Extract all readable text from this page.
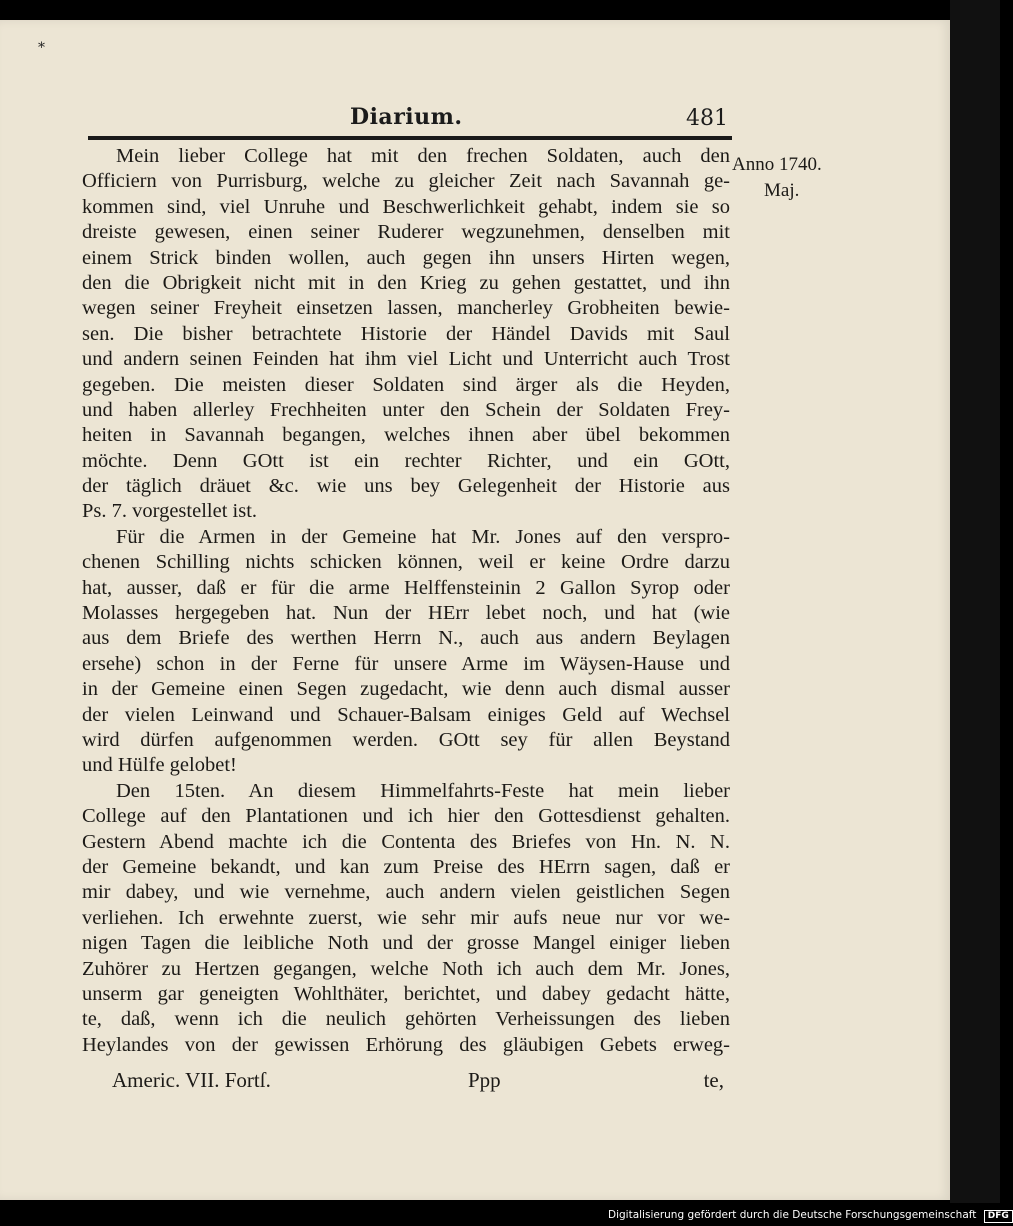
*
Diarium.	481
Anno 1740.
Maj.
Mein lieber College hat mit den frechen Soldaten, auch den
Officiern von Purrisburg, welche zu gleicher Zeit nach Savannah ge-
kommen sind, viel Unruhe und Beschwerlichkeit gehabt, indem sie so
dreiste gewesen, einen seiner Ruderer wegzunehmen, denselben mit
einem Strick binden wollen, auch gegen ihn unsers Hirten wegen,
den die Obrigkeit nicht mit in den Krieg zu gehen gestattet, und ihn
wegen seiner Freyheit einsetzen lassen, mancherley Grobheiten bewie-
sen. Die bisher betrachtete Historie der Händel Davids mit Saul
und andern seinen Feinden hat ihm viel Licht und Unterricht auch Trost
gegeben. Die meisten dieser Soldaten sind ärger als die Heyden,
und haben allerley Frechheiten unter den Schein der Soldaten Frey-
heiten in Savannah begangen, welches ihnen aber übel bekommen
möchte. Denn GOtt ist ein rechter Richter, und ein GOtt,
der täglich dräuet &c. wie uns bey Gelegenheit der Historie aus
Ps. 7. vorgestellet ist.
Für die Armen in der Gemeine hat Mr. Jones auf den verspro-
chenen Schilling nichts schicken können, weil er keine Ordre darzu
hat, ausser, daß er für die arme Helffensteinin 2 Gallon Syrop oder
Molasses hergegeben hat. Nun der HErr lebet noch, und hat (wie
aus dem Briefe des werthen Herrn N., auch aus andern Beylagen
ersehe) schon in der Ferne für unsere Arme im Wäysen-Hause und
in der Gemeine einen Segen zugedacht, wie denn auch dismal ausser
der vielen Leinwand und Schauer-Balsam einiges Geld auf Wechsel
wird dürfen aufgenommen werden. GOtt sey für allen Beystand
und Hülfe gelobet!
Den 15ten. An diesem Himmelfahrts-Feste hat mein lieber
College auf den Plantationen und ich hier den Gottesdienst gehalten.
Gestern Abend machte ich die Contenta des Briefes von Hn. N. N.
der Gemeine bekandt, und kan zum Preise des HErrn sagen, daß er
mir dabey, und wie vernehme, auch andern vielen geistlichen Segen
verliehen. Ich erwehnte zuerst, wie sehr mir aufs neue nur vor we-
nigen Tagen die leibliche Noth und der grosse Mangel einiger lieben
Zuhörer zu Hertzen gegangen, welche Noth ich auch dem Mr. Jones,
unserm gar geneigten Wohlthäter, berichtet, und dabey gedacht hätte,
te, daß, wenn ich die neulich gehörten Verheissungen des lieben
Heylandes von der gewissen Erhörung des gläubigen Gebets erweg-
Americ. VII. Fortſ.	Ppp	te,
Digitalisierung gefördert durch die Deutsche Forschungsgemeinschaft DFG
